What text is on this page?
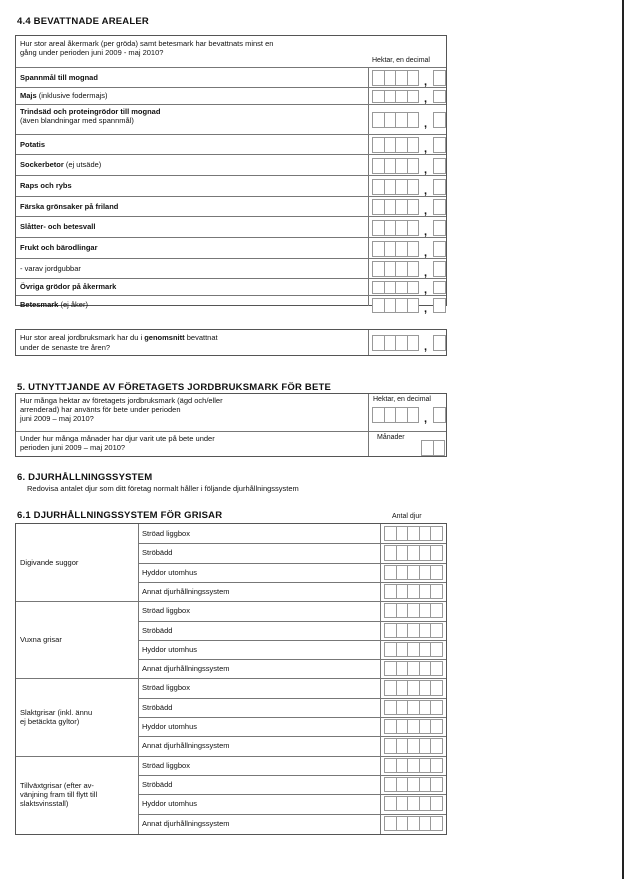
4.4 BEVATTNADE AREALER
Hur stor areal åkermark (per gröda) samt betesmark har bevattnats minst en
gång under perioden juni 2009 - maj 2010?
Hektar, en decimal
Spannmål till mognad	,
Majs (inklusive fodermajs)	,
Trindsäd och proteingrödor till mognad
(även blandningar med spannmål)	,
Potatis	,
Sockerbetor (ej utsäde)	,
Raps och rybs	,
Färska grönsaker på friland	,
Slåtter- och betesvall	,
Frukt och bärodlingar	,
- varav jordgubbar	,
Övriga grödor på åkermark	,
Betesmark (ej åker)	,
Hur stor areal jordbruksmark har du i genomsnitt bevattnat
under de senaste tre åren?	,
5. UTNYTTJANDE AV FÖRETAGETS JORDBRUKSMARK FÖR BETE
Hur många hektar av företagets jordbruksmark (ägd och/eller
arrenderad) har använts för bete under perioden
juni 2009 – maj 2010?
Hektar, en decimal
,
Under hur många månader har djur varit ute på bete under
perioden juni 2009 – maj 2010?
Månader
6. DJURHÅLLNINGSSYSTEM
Redovisa antalet djur som ditt företag normalt håller i följande djurhållningssystem
6.1 DJURHÅLLNINGSSYSTEM FÖR GRISAR	Antal djur
Digivande suggor
Ströad liggbox
Ströbädd
Hyddor utomhus
Annat djurhållningssystem
Vuxna grisar
Ströad liggbox
Ströbädd
Hyddor utomhus
Annat djurhållningssystem
Slaktgrisar (inkl. ännu
ej betäckta gyltor)
Ströad liggbox
Ströbädd
Hyddor utomhus
Annat djurhållningssystem
Tillväxtgrisar (efter av-
vänjning fram till flytt till
slaktsvinsstall)
Ströad liggbox
Ströbädd
Hyddor utomhus
Annat djurhållningssystem
